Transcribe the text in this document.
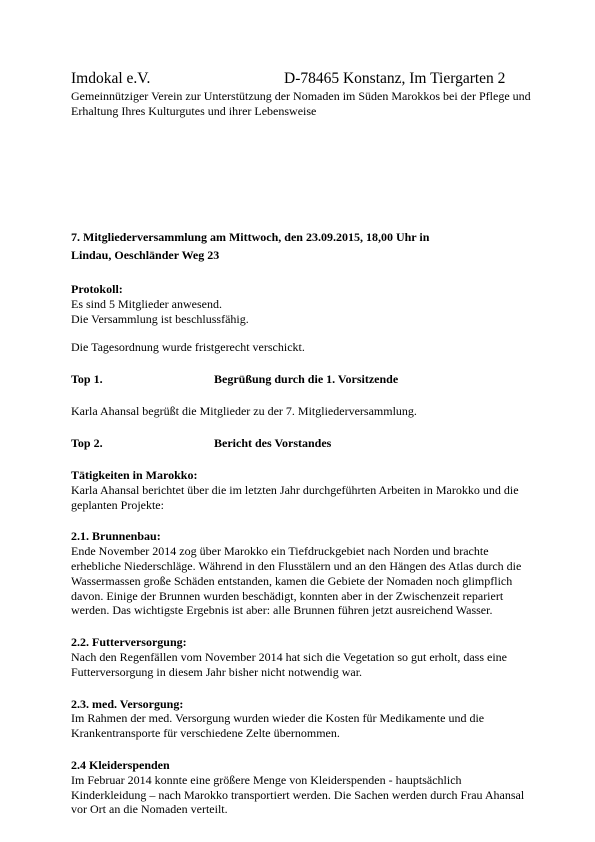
Imdokal e.V.	D-78465 Konstanz, Im Tiergarten 2
Gemeinnütziger Verein zur Unterstützung der Nomaden im Süden Marokkos bei der Pflege und Erhaltung Ihres Kulturgutes und ihrer Lebensweise
7. Mitgliederversammlung am Mittwoch, den 23.09.2015, 18,00 Uhr in
Lindau, Oeschländer Weg 23

Protokoll:

Es sind 5 Mitglieder anwesend.

Die Versammlung ist beschlussfähig.

Die Tagesordnung wurde fristgerecht verschickt.

Top 1.	Begrüßung durch die 1. Vorsitzende

Karla Ahansal begrüßt die Mitglieder zu der 7. Mitgliederversammlung.

Top 2.	Bericht des Vorstandes

Tätigkeiten in Marokko:

Karla Ahansal berichtet über die im letzten Jahr durchgeführten Arbeiten in Marokko und die

geplanten Projekte:

2.1. Brunnenbau:

Ende November 2014 zog über Marokko ein Tiefdruckgebiet nach Norden und brachte

erhebliche Niederschläge. Während in den Flusstälern und an den Hängen des Atlas durch die

Wassermassen große Schäden entstanden, kamen die Gebiete der Nomaden noch glimpflich

davon. Einige der Brunnen wurden beschädigt, konnten aber in der Zwischenzeit repariert

werden. Das wichtigste Ergebnis ist aber: alle Brunnen führen jetzt ausreichend Wasser.

2.2. Futterversorgung:

Nach den Regenfällen vom November 2014 hat sich die Vegetation so gut erholt, dass eine

Futterversorgung in diesem Jahr bisher nicht notwendig war.

2.3. med. Versorgung:

Im Rahmen der med. Versorgung wurden wieder die Kosten für Medikamente und die

Krankentransporte für verschiedene Zelte übernommen.

2.4 Kleiderspenden

Im Februar 2014 konnte eine größere Menge von Kleiderspenden - hauptsächlich

Kinderkleidung – nach Marokko transportiert werden. Die Sachen werden durch Frau Ahansal

vor Ort an die Nomaden verteilt.
